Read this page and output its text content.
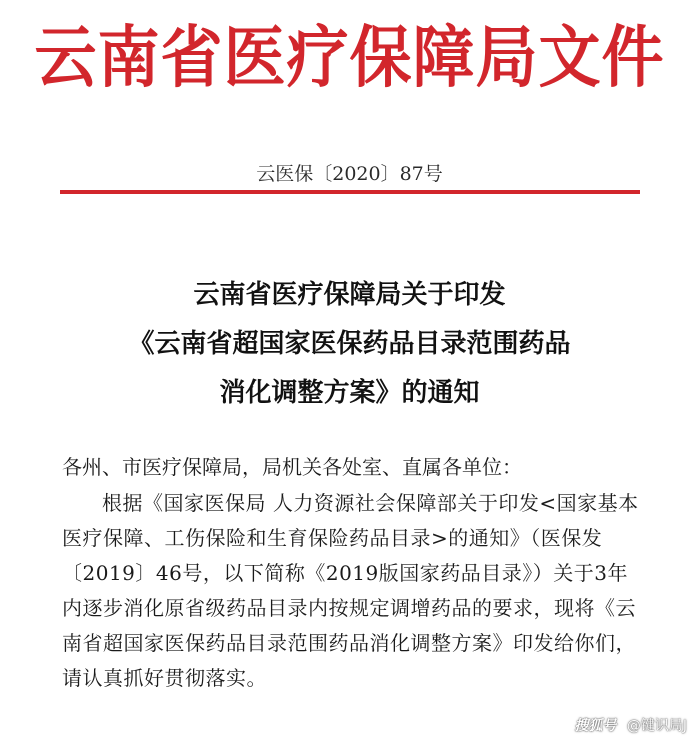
云南省医疗保障局文件
云医保〔2020〕87号
云南省医疗保障局关于印发
《云南省超国家医保药品目录范围药品
消化调整方案》的通知
各州、市医疗保障局，局机关各处室、直属各单位：
根据《国家医保局 人力资源社会保障部关于印发<国家基本
医疗保障、工伤保险和生育保险药品目录>的通知》（医保发
〔2019〕46号，以下简称《2019版国家药品目录》）关于3年
内逐步消化原省级药品目录内按规定调增药品的要求，现将《云
南省超国家医保药品目录范围药品消化调整方案》印发给你们，
请认真抓好贯彻落实。
搜狐号 @键识局J
